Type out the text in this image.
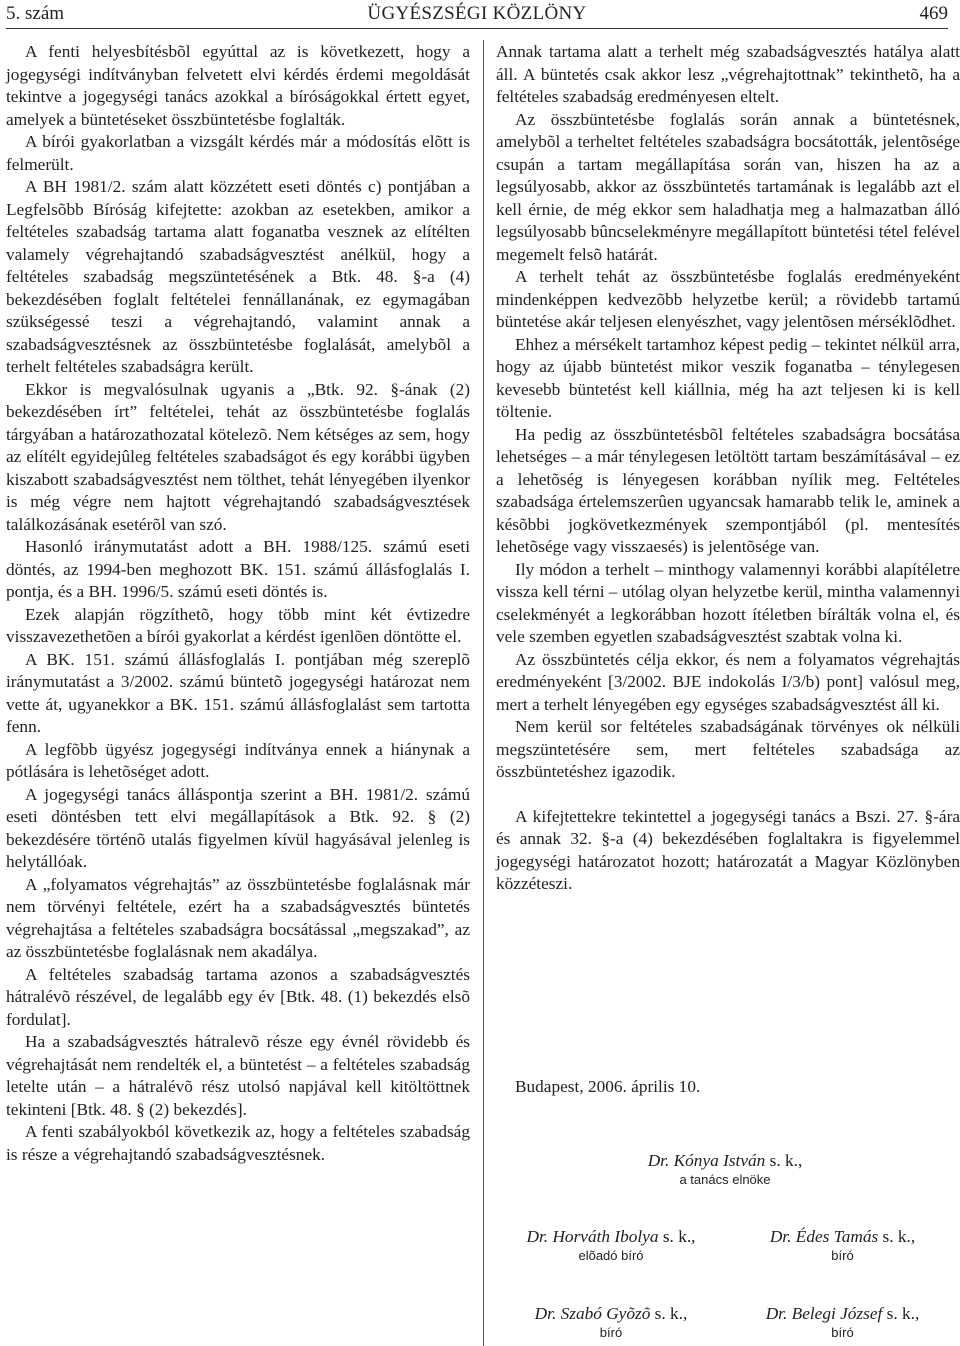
5. szám	ÜGYÉSZSÉGI KÖZLÖNY	469

A fenti helyesbítésbõl egyúttal az is következett, hogy a jogegységi indítványban felvetett elvi kérdés érdemi megoldását tekintve a jogegységi tanács azokkal a bíróságokkal értett egyet, amelyek a büntetéseket összbüntetésbe foglalták.

A bírói gyakorlatban a vizsgált kérdés már a módosítás elõtt is felmerült.

A BH 1981/2. szám alatt közzétett eseti döntés c) pontjában a Legfelsõbb Bíróság kifejtette: azokban az esetekben, amikor a feltételes szabadság tartama alatt foganatba vesznek az elítélten valamely végrehajtandó szabadságvesztést anélkül, hogy a feltételes szabadság megszüntetésének a Btk. 48. §-a (4) bekezdésében foglalt feltételei fennállanának, ez egymagában szükségessé teszi a végrehajtandó, valamint annak a szabadságvesztésnek az összbüntetésbe foglalását, amelybõl a terhelt feltételes szabadságra került.

Ekkor is megvalósulnak ugyanis a „Btk. 92. §-ának (2) bekezdésében írt” feltételei, tehát az összbüntetésbe foglalás tárgyában a határozathozatal kötelezõ. Nem kétséges az sem, hogy az elítélt egyidejûleg feltételes szabadságot és egy korábbi ügyben kiszabott szabadságvesztést nem tölthet, tehát lényegében ilyenkor is még végre nem hajtott végrehajtandó szabadságvesztések találkozásának esetérõl van szó.

Hasonló iránymutatást adott a BH. 1988/125. számú eseti döntés, az 1994-ben meghozott BK. 151. számú állásfoglalás I. pontja, és a BH. 1996/5. számú eseti döntés is.

Ezek alapján rögzíthetõ, hogy több mint két évtizedre visszavezethetõen a bírói gyakorlat a kérdést igenlõen döntötte el.

A BK. 151. számú állásfoglalás I. pontjában még szereplõ iránymutatást a 3/2002. számú büntetõ jogegységi határozat nem vette át, ugyanekkor a BK. 151. számú állásfoglalást sem tartotta fenn.

A legfõbb ügyész jogegységi indítványa ennek a hiánynak a pótlására is lehetõséget adott.

A jogegységi tanács álláspontja szerint a BH. 1981/2. számú eseti döntésben tett elvi megállapítások a Btk. 92. § (2) bekezdésére történõ utalás figyelmen kívül hagyásával jelenleg is helytállóak.

A „folyamatos végrehajtás” az összbüntetésbe foglalásnak már nem törvényi feltétele, ezért ha a szabadságvesztés büntetés végrehajtása a feltételes szabadságra bocsátással „megszakad”, az az összbüntetésbe foglalásnak nem akadálya.

A feltételes szabadság tartama azonos a szabadságvesztés hátralévõ részével, de legalább egy év [Btk. 48. (1) bekezdés elsõ fordulat].

Ha a szabadságvesztés hátralevõ része egy évnél rövidebb és végrehajtását nem rendelték el, a büntetést – a feltételes szabadság letelte után – a hátralévõ rész utolsó napjával kell kitöltöttnek tekinteni [Btk. 48. § (2) bekezdés].

A fenti szabályokból következik az, hogy a feltételes szabadság is része a végrehajtandó szabadságvesztésnek.

Annak tartama alatt a terhelt még szabadságvesztés hatálya alatt áll. A büntetés csak akkor lesz „végrehajtottnak” tekinthetõ, ha a feltételes szabadság eredményesen eltelt.

Az összbüntetésbe foglalás során annak a büntetésnek, amelybõl a terheltet feltételes szabadságra bocsátották, jelentõsége csupán a tartam megállapítása során van, hiszen ha az a legsúlyosabb, akkor az összbüntetés tartamának is legalább azt el kell érnie, de még ekkor sem haladhatja meg a halmazatban álló legsúlyosabb bûncselekményre megállapított büntetési tétel felével megemelt felsõ határát.

A terhelt tehát az összbüntetésbe foglalás eredményeként mindenképpen kedvezõbb helyzetbe kerül; a rövidebb tartamú büntetése akár teljesen elenyészhet, vagy jelentõsen mérséklõdhet.

Ehhez a mérsékelt tartamhoz képest pedig – tekintet nélkül arra, hogy az újabb büntetést mikor veszik foganatba – ténylegesen kevesebb büntetést kell kiállnia, még ha azt teljesen ki is kell töltenie.

Ha pedig az összbüntetésbõl feltételes szabadságra bocsátása lehetséges – a már ténylegesen letöltött tartam beszámításával – ez a lehetõség is lényegesen korábban nyílik meg. Feltételes szabadsága értelemszerûen ugyancsak hamarabb telik le, aminek a késõbbi jogkövetkezmények szempontjából (pl. mentesítés lehetõsége vagy visszaesés) is jelentõsége van.

Ily módon a terhelt – minthogy valamennyi korábbi alapítéletre vissza kell térni – utólag olyan helyzetbe kerül, mintha valamennyi cselekményét a legkorábban hozott ítéletben bírálták volna el, és vele szemben egyetlen szabadságvesztést szabtak volna ki.

Az összbüntetés célja ekkor, és nem a folyamatos végrehajtás eredményeként [3/2002. BJE indokolás I/3/b) pont] valósul meg, mert a terhelt lényegében egy egységes szabadságvesztést áll ki.

Nem kerül sor feltételes szabadságának törvényes ok nélküli megszüntetésére sem, mert feltételes szabadsága az összbüntetéshez igazodik.

A kifejtettekre tekintettel a jogegységi tanács a Bszi. 27. §-ára és annak 32. §-a (4) bekezdésében foglaltakra is figyelemmel jogegységi határozatot hozott; határozatát a Magyar Közlönyben közzéteszi.

Budapest, 2006. április 10.
Dr. Kónya István s. k.,
a tanács elnöke
Dr. Horváth Ibolya s. k.,
elõadó bíró
Dr. Édes Tamás s. k.,
bíró
Dr. Szabó Gyõzõ s. k.,
bíró
Dr. Belegi József s. k.,
bíró
